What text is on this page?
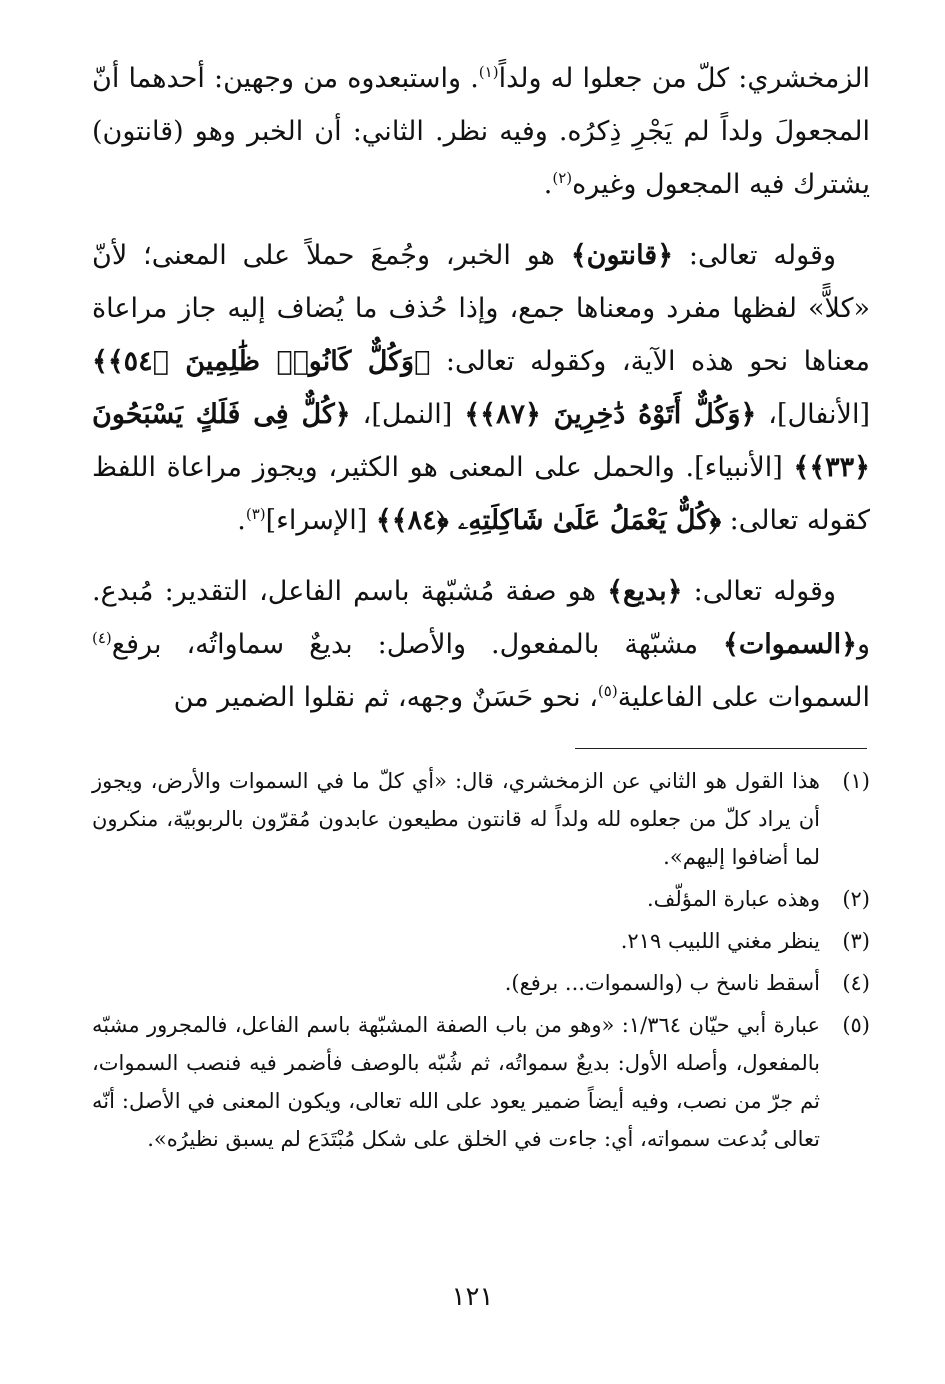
الزمخشري: كلّ من جعلوا له ولداً$^{(١)}$. واستبعدوه من وجهين: أحدهما أنّ المجعولَ ولداً لم يَجْرِ ذِكرُه. وفيه نظر. الثاني: أن الخبر وهو (قانتون) يشترك فيه المجعول وغيره$^{(٢)}$.

وقوله تعالى: ﴿قانتون﴾ هو الخبر، وجُمعَ حملاً على المعنى؛ لأنّ «كلاًّ» لفظها مفرد ومعناها جمع، وإذا حُذف ما يُضاف إليه جاز مراعاة معناها نحو هذه الآية، وكقوله تعالى: ﴿وَكُلٌّ كَانُوا۟ ظَٰلِمِينَ ﴿٥٤﴾﴾ [الأنفال]، ﴿وَكُلٌّ أَتَوْهُ دَٰخِرِينَ ﴿٨٧﴾﴾ [النمل]، ﴿كُلٌّ فِى فَلَكٍ يَسْبَحُونَ ﴿٣٣﴾﴾ [الأنبياء]. والحمل على المعنى هو الكثير، ويجوز مراعاة اللفظ كقوله تعالى: ﴿كُلٌّ يَعْمَلُ عَلَىٰ شَاكِلَتِهِۦ ﴿٨٤﴾﴾ [الإسراء]$^{(٣)}$.

وقوله تعالى: ﴿بديع﴾ هو صفة مُشبّهة باسم الفاعل، التقدير: مُبدع. و﴿السموات﴾ مشبّهة بالمفعول. والأصل: بديعٌ سماواتُه، برفع$^{(٤)}$ السموات على الفاعلية$^{(٥)}$، نحو حَسَنٌ وجهه، ثم نقلوا الضمير من

(١)
هذا القول هو الثاني عن الزمخشري، قال: «أي كلّ ما في السموات والأرض، ويجوز أن يراد كلّ من جعلوه لله ولداً له قانتون مطيعون عابدون مُقرّون بالربوبيّة، منكرون لما أضافوا إليهم».
(٢)
وهذه عبارة المؤلّف.
(٣)
ينظر مغني اللبيب ٢١٩.
(٤)
أسقط ناسخ ب (والسموات... برفع).
(٥)
عبارة أبي حيّان ١/٣٦٤: «وهو من باب الصفة المشبّهة باسم الفاعل، فالمجرور مشبّه بالمفعول، وأصله الأول: بديعٌ سمواتُه، ثم شُبّه بالوصف فأضمر فيه فنصب السموات، ثم جرّ من نصب، وفيه أيضاً ضمير يعود على الله تعالى، ويكون المعنى في الأصل: أنّه تعالى بُدعت سمواته، أي: جاءت في الخلق على شكل مُبْتَدَع لم يسبق نظيرُه».
١٢١
